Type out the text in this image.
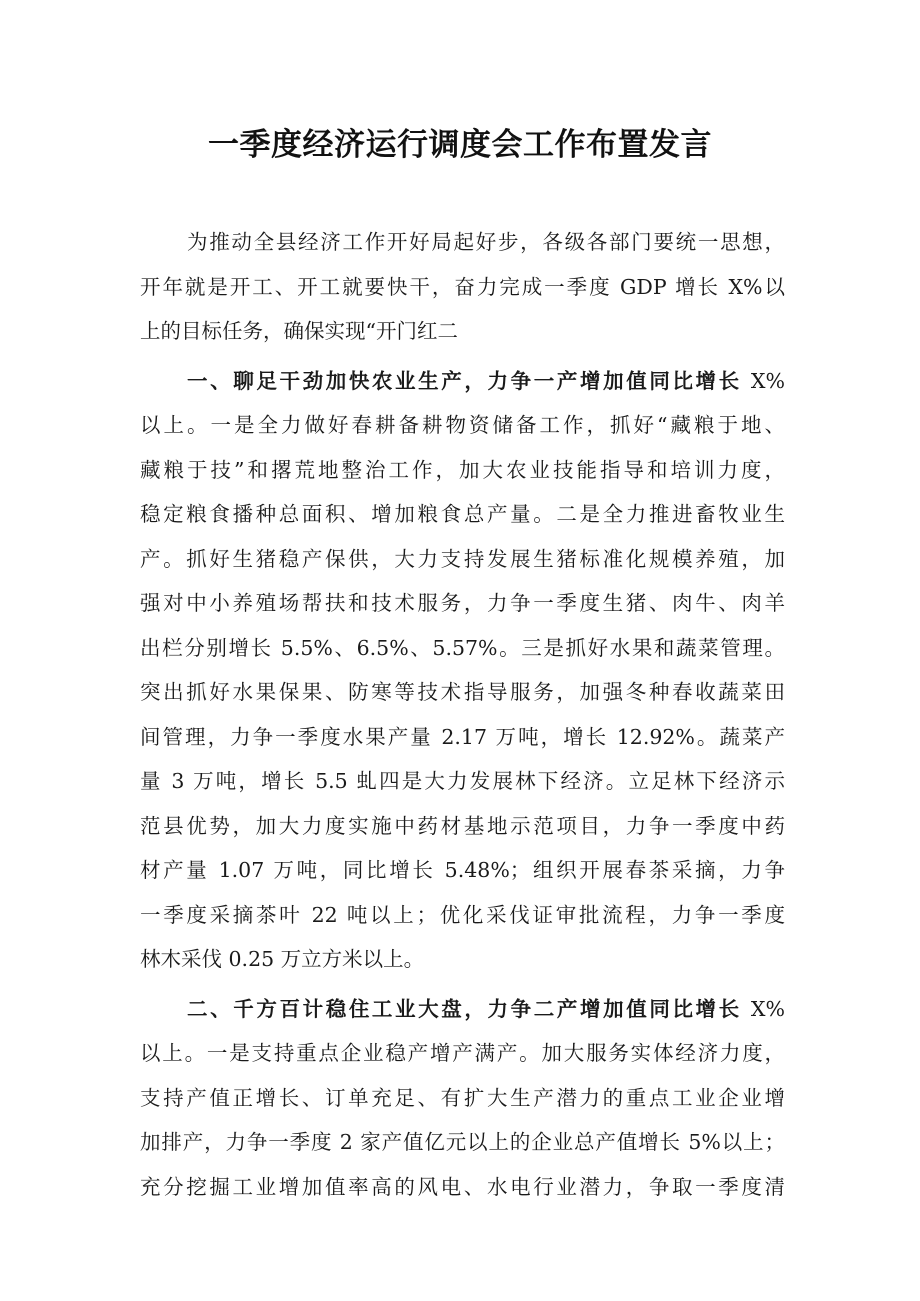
一季度经济运行调度会工作布置发言
为推动全县经济工作开好局起好步，各级各部门要统一思想，
开年就是开工、开工就要快干，奋力完成一季度 GDP 增长 X%以
上的目标任务，确保实现“开门红二
一、聊足干劲加快农业生产，力争一产增加值同比增长 X%
以上。一是全力做好春耕备耕物资储备工作，抓好“藏粮于地、
藏粮于技”和撂荒地整治工作，加大农业技能指导和培训力度，
稳定粮食播种总面积、增加粮食总产量。二是全力推进畜牧业生
产。抓好生猪稳产保供，大力支持发展生猪标准化规模养殖，加
强对中小养殖场帮扶和技术服务，力争一季度生猪、肉牛、肉羊
出栏分别增长 5.5%、6.5%、5.57%。三是抓好水果和蔬菜管理。
突出抓好水果保果、防寒等技术指导服务，加强冬种春收蔬菜田
间管理，力争一季度水果产量 2.17 万吨，增长 12.92%。蔬菜产
量 3 万吨，增长 5.5 虬四是大力发展林下经济。立足林下经济示
范县优势，加大力度实施中药材基地示范项目，力争一季度中药
材产量 1.07 万吨，同比增长 5.48%；组织开展春茶采摘，力争
一季度采摘茶叶 22 吨以上；优化采伐证审批流程，力争一季度
林木采伐 0.25 万立方米以上。
二、千方百计稳住工业大盘，力争二产增加值同比增长 X%
以上。一是支持重点企业稳产增产满产。加大服务实体经济力度，
支持产值正增长、订单充足、有扩大生产潜力的重点工业企业增
加排产，力争一季度 2 家产值亿元以上的企业总产值增长 5%以上；
充分挖掘工业增加值率高的风电、水电行业潜力，争取一季度清
